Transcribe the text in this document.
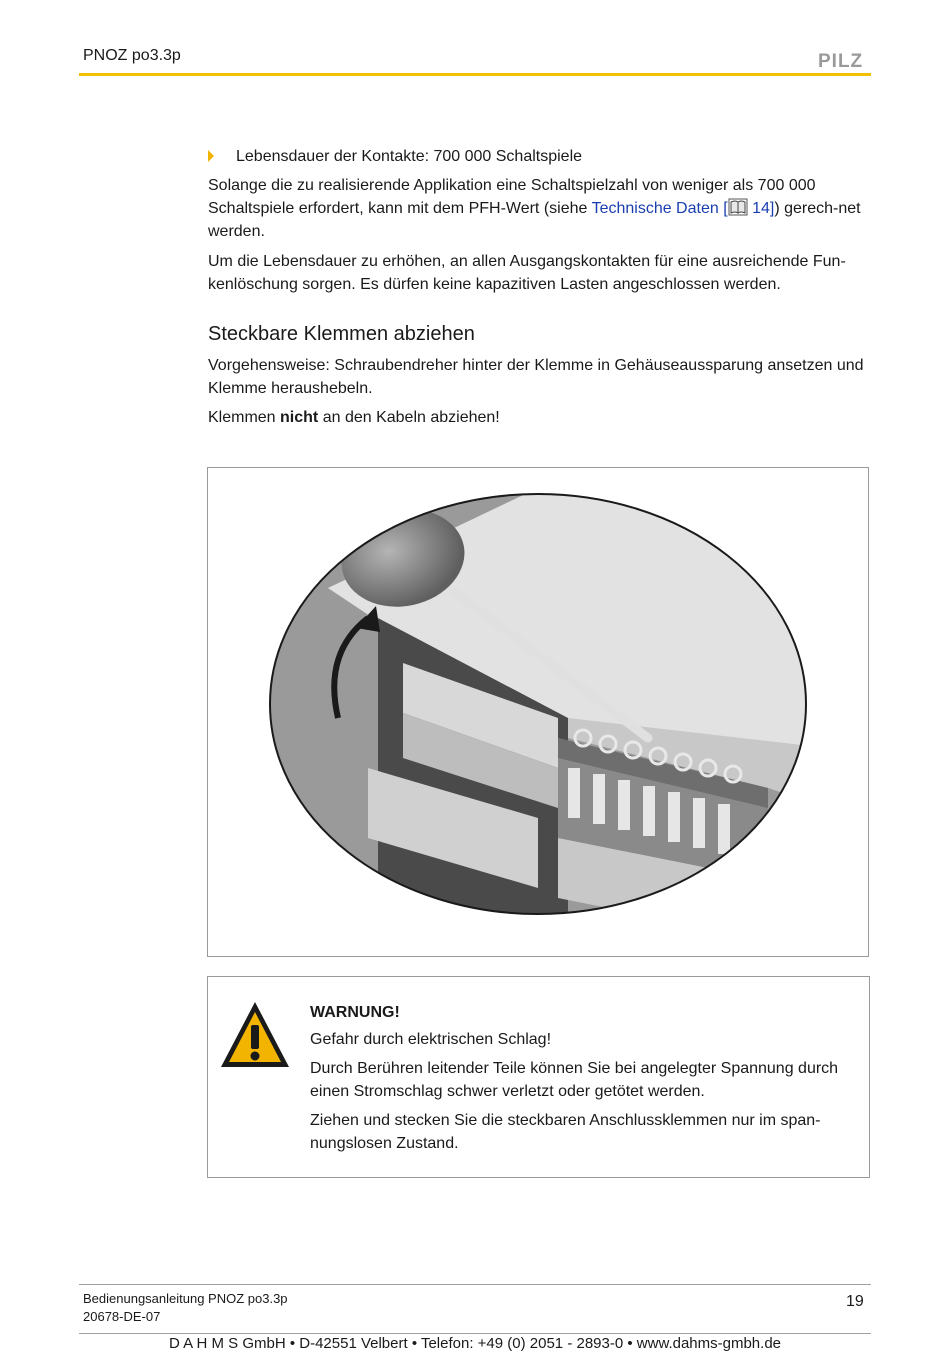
PNOZ po3.3p	PILZ
Lebensdauer der Kontakte: 700 000 Schaltspiele
Solange die zu realisierende Applikation eine Schaltspielzahl von weniger als 700 000 Schaltspiele erfordert, kann mit dem PFH-Wert (siehe Technische Daten [ 14]) gerech-net werden.
Um die Lebensdauer zu erhöhen, an allen Ausgangskontakten für eine ausreichende Fun-kenlöschung sorgen. Es dürfen keine kapazitiven Lasten angeschlossen werden.
Steckbare Klemmen abziehen
Vorgehensweise: Schraubendreher hinter der Klemme in Gehäuseaussparung ansetzen und Klemme heraushebeln.
Klemmen nicht an den Kabeln abziehen!
WARNUNG!
Gefahr durch elektrischen Schlag!
Durch Berühren leitender Teile können Sie bei angelegter Spannung durch einen Stromschlag schwer verletzt oder getötet werden.
Ziehen und stecken Sie die steckbaren Anschlussklemmen nur im span-nungslosen Zustand.
Bedienungsanleitung PNOZ po3.3p
20678-DE-07
19
D A H M S GmbH • D-42551 Velbert • Telefon: +49 (0) 2051 - 2893-0 • www.dahms-gmbh.de
